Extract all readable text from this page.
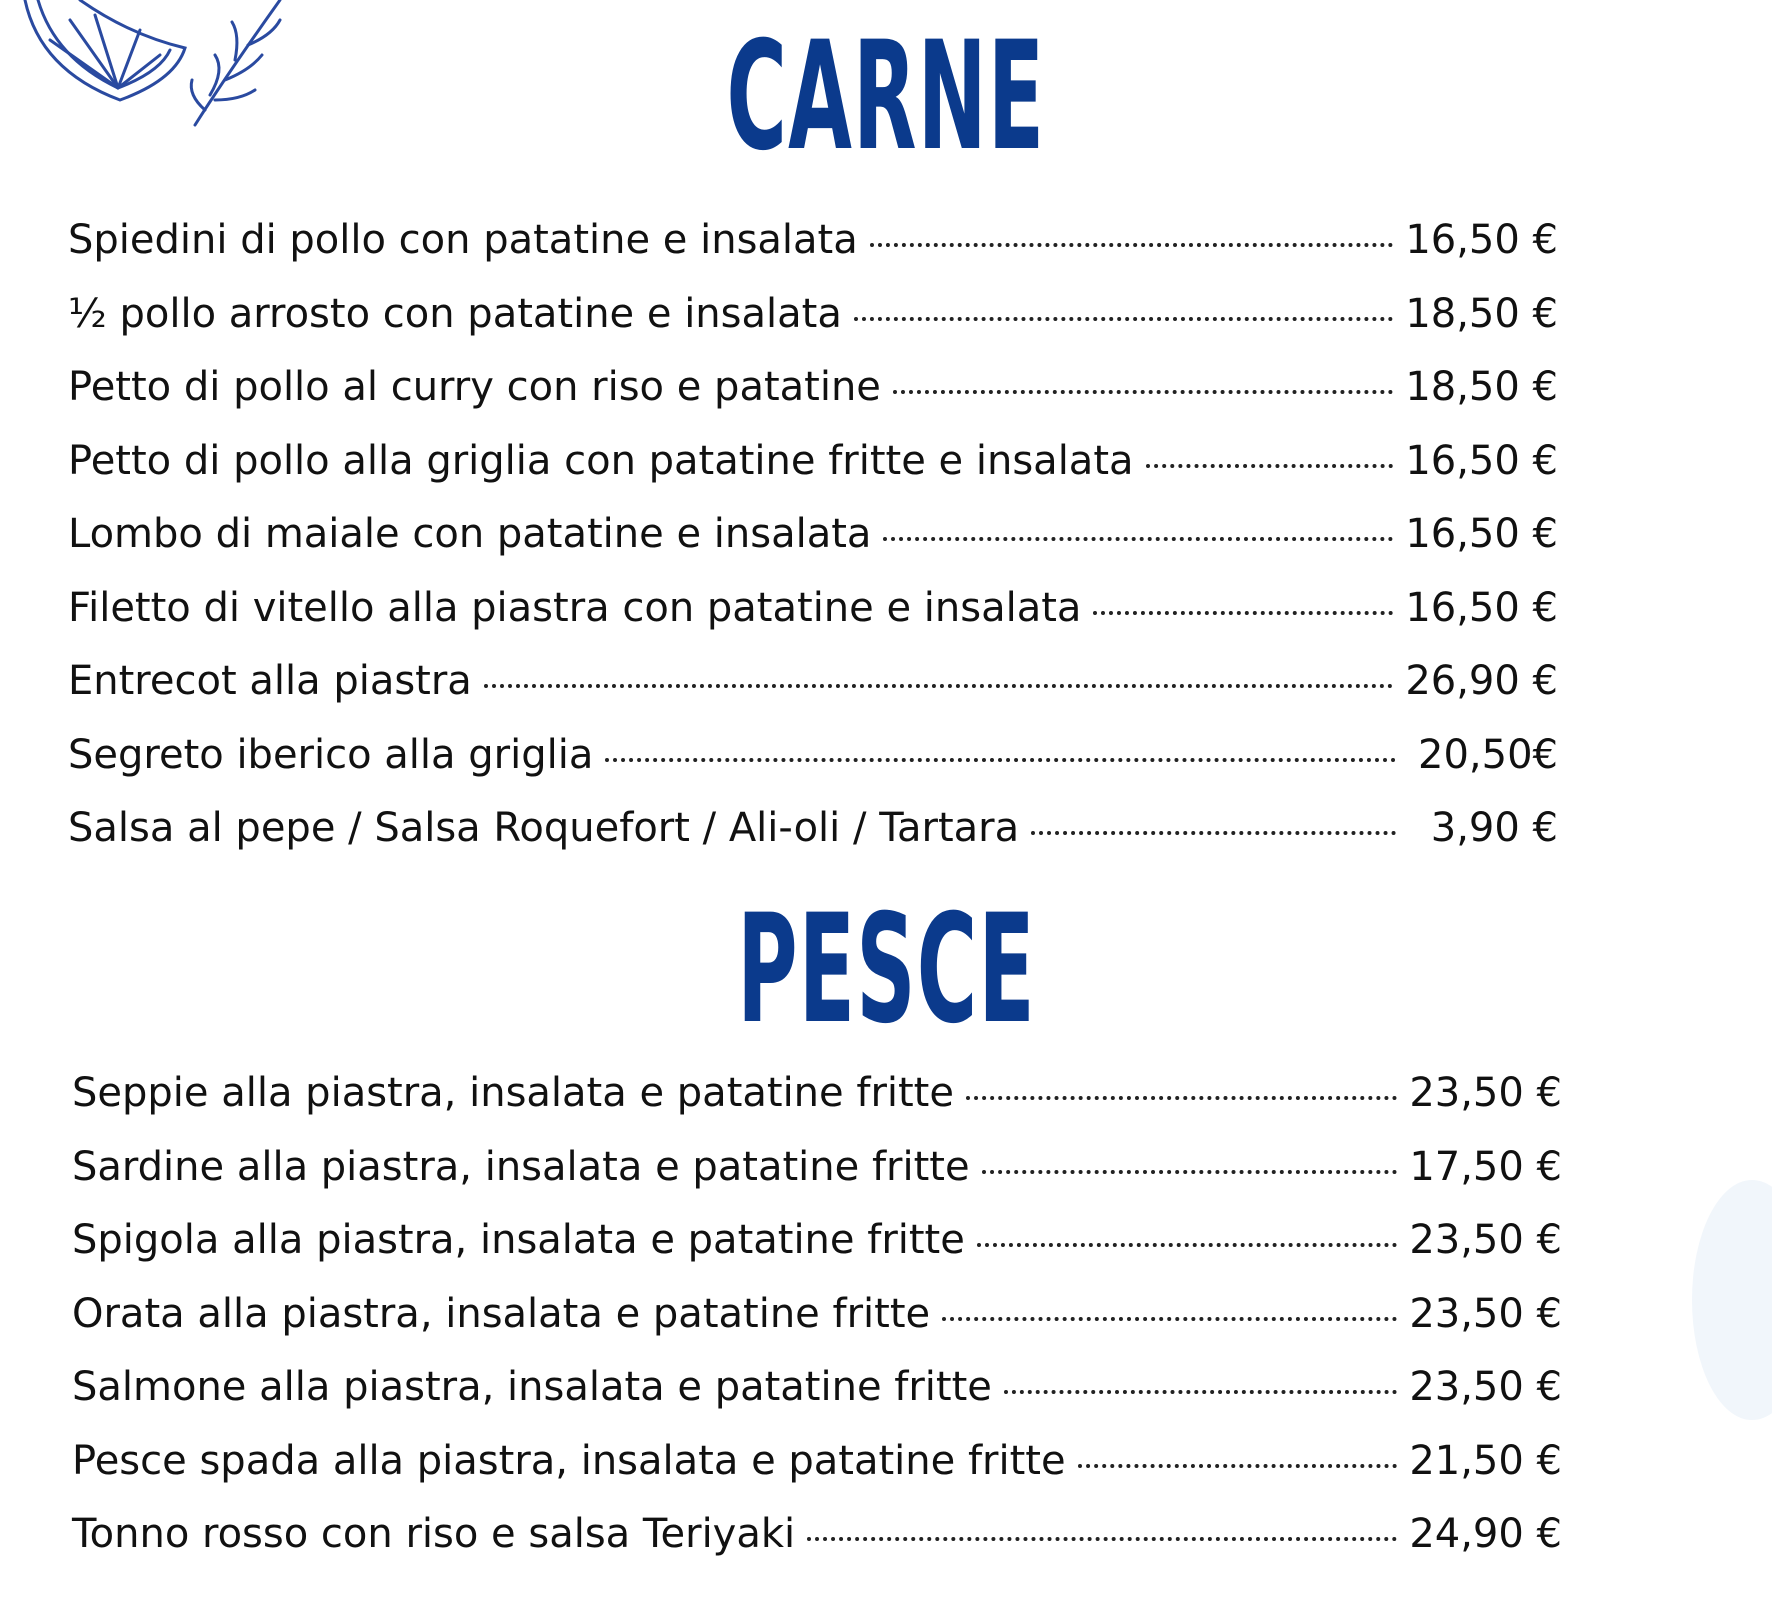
CARNE
Spiedini di pollo con patatine e insalata	16,50 €
½ pollo arrosto con patatine e insalata	18,50 €
Petto di pollo al curry con riso e patatine	18,50 €
Petto di pollo alla griglia con patatine fritte e insalata	16,50 €
Lombo di maiale con patatine e insalata	16,50 €
Filetto di vitello alla piastra con patatine e insalata	16,50 €
Entrecot alla piastra	26,90 €
Segreto iberico alla griglia	20,50€
Salsa al pepe / Salsa Roquefort / Ali-oli / Tartara	3,90 €
PESCE
Seppie alla piastra, insalata e patatine fritte	23,50 €
Sardine alla piastra, insalata e patatine fritte	17,50 €
Spigola alla piastra, insalata e patatine fritte	23,50 €
Orata alla piastra, insalata e patatine fritte	23,50 €
Salmone alla piastra, insalata e patatine fritte	23,50 €
Pesce spada alla piastra, insalata e patatine fritte	21,50 €
Tonno rosso con riso e salsa Teriyaki	24,90 €
